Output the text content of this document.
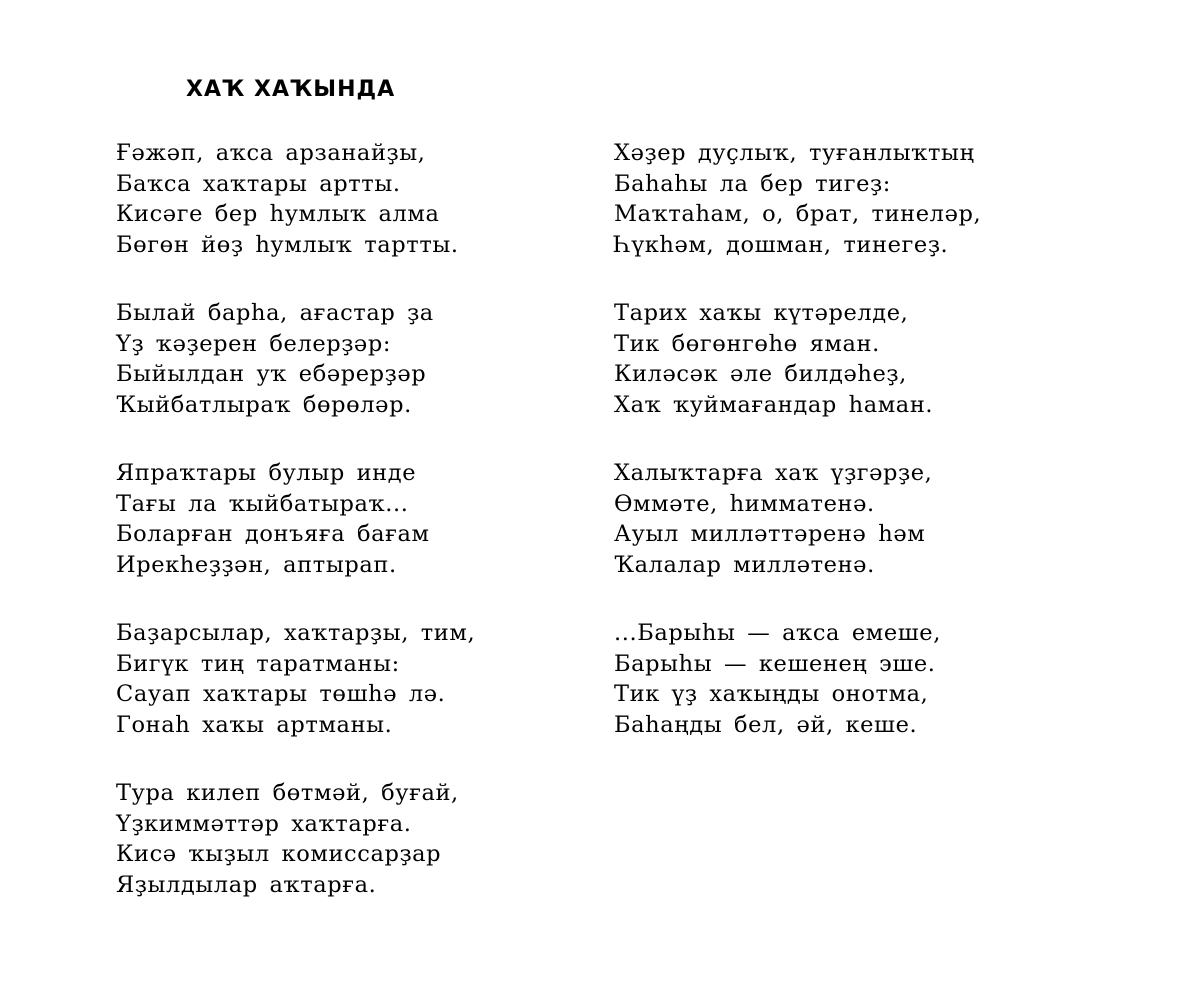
ХАҠ ХАҠЫНДА
Ғәжәп, аҡса арзанайҙы,
Баҡса хаҡтары артты.
Кисәге бер һумлыҡ алма
Бөгөн йөҙ һумлыҡ тартты.
Былай барһа, ағастар ҙа
Үҙ ҡәҙерен белерҙәр:
Быйылдан уҡ ебәрерҙәр
Ҡыйбатлыраҡ бөрөләр.
Япраҡтары булыр инде
Тағы ла ҡыйбатыраҡ...
Боларған донъяға бағам
Ирекһеҙҙән, аптырап.
Баҙарсылар, хаҡтарҙы, тим,
Бигүк тиң таратманы:
Сауап хаҡтары төшһә лә.
Гонаһ хаҡы артманы.
Тура килеп бөтмәй, буғай,
Үҙкиммәттәр хаҡтарға.
Кисә ҡыҙыл комиссарҙар
Яҙылдылар аҡтарға.
Хәҙер дуҫлыҡ, туғанлыҡтың
Баһаһы ла бер тигеҙ:
Маҡтаһам, о, брат, тинеләр,
Һүкһәм, дошман, тинегеҙ.
Тарих хаҡы күтәрелде,
Тик бөгөнгөһө яман.
Киләсәк әле билдәһеҙ,
Хаҡ ҡуймағандар һаман.
Халыҡтарға хаҡ үҙгәрҙе,
Өммәте, һимматенә.
Ауыл милләттәренә һәм
Ҡалалар милләтенә.
...Барыһы — аҡса емеше,
Барыһы — кешенең эше.
Тик үҙ хаҡыңды онотма,
Баһаңды бел, әй, кеше.
